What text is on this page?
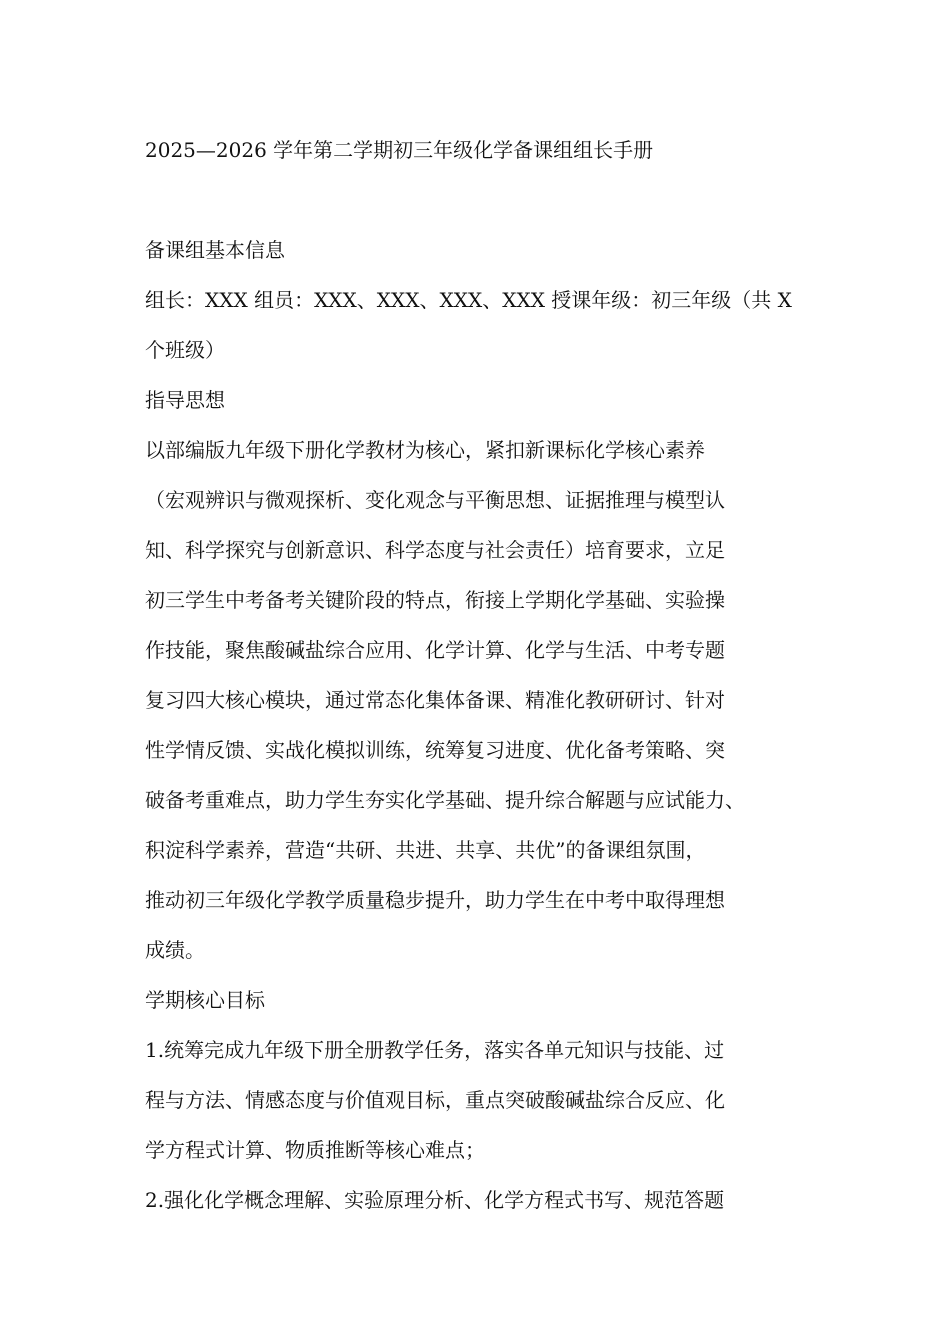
2025—2026 学年第二学期初三年级化学备课组组长手册
备课组基本信息
组长：XXX 组员：XXX、XXX、XXX、XXX 授课年级：初三年级（共 X
个班级）
指导思想
以部编版九年级下册化学教材为核心，紧扣新课标化学核心素养
（宏观辨识与微观探析、变化观念与平衡思想、证据推理与模型认
知、科学探究与创新意识、科学态度与社会责任）培育要求，立足
初三学生中考备考关键阶段的特点，衔接上学期化学基础、实验操
作技能，聚焦酸碱盐综合应用、化学计算、化学与生活、中考专题
复习四大核心模块，通过常态化集体备课、精准化教研研讨、针对
性学情反馈、实战化模拟训练，统筹复习进度、优化备考策略、突
破备考重难点，助力学生夯实化学基础、提升综合解题与应试能力、
积淀科学素养，营造“共研、共进、共享、共优”的备课组氛围，
推动初三年级化学教学质量稳步提升，助力学生在中考中取得理想
成绩。
学期核心目标
1.统筹完成九年级下册全册教学任务，落实各单元知识与技能、过
程与方法、情感态度与价值观目标，重点突破酸碱盐综合反应、化
学方程式计算、物质推断等核心难点；
2.强化化学概念理解、实验原理分析、化学方程式书写、规范答题
